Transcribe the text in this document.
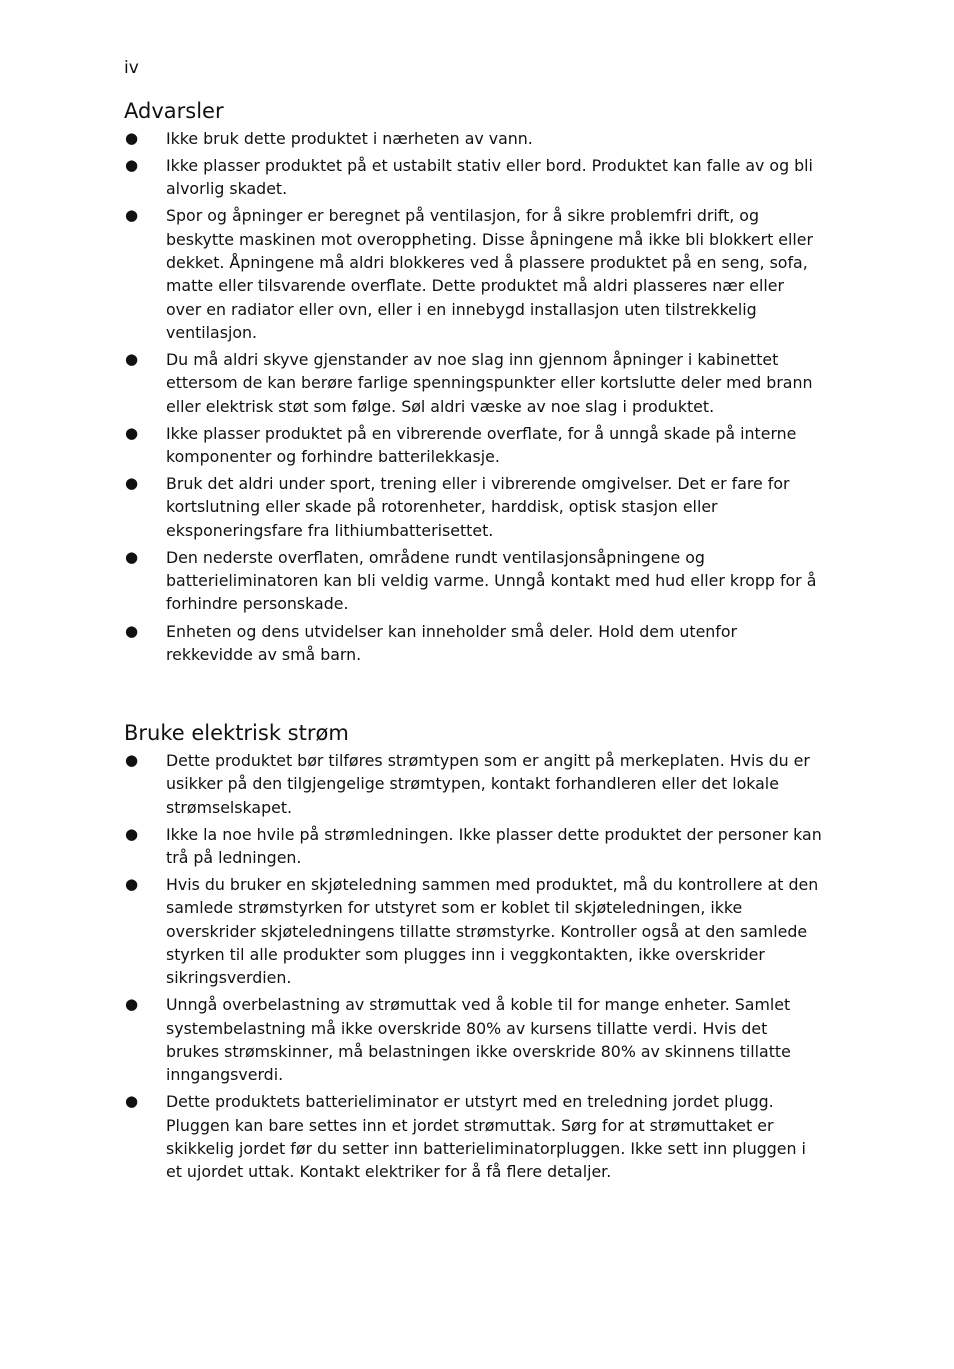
iv
Advarsler
● Ikke bruk dette produktet i nærheten av vann.
● Ikke plasser produktet på et ustabilt stativ eller bord. Produktet kan falle av og bli alvorlig skadet.
● Spor og åpninger er beregnet på ventilasjon, for å sikre problemfri drift, og beskytte maskinen mot overoppheting. Disse åpningene må ikke bli blokkert eller dekket. Åpningene må aldri blokkeres ved å plassere produktet på en seng, sofa, matte eller tilsvarende overflate. Dette produktet må aldri plasseres nær eller over en radiator eller ovn, eller i en innebygd installasjon uten tilstrekkelig ventilasjon.
● Du må aldri skyve gjenstander av noe slag inn gjennom åpninger i kabinettet ettersom de kan berøre farlige spenningspunkter eller kortslutte deler med brann eller elektrisk støt som følge. Søl aldri væske av noe slag i produktet.
● Ikke plasser produktet på en vibrerende overflate, for å unngå skade på interne komponenter og forhindre batterilekkasje.
● Bruk det aldri under sport, trening eller i vibrerende omgivelser. Det er fare for kortslutning eller skade på rotorenheter, harddisk, optisk stasjon eller eksponeringsfare fra lithiumbatterisettet.
● Den nederste overflaten, områdene rundt ventilasjonsåpningene og batterieliminatoren kan bli veldig varme. Unngå kontakt med hud eller kropp for å forhindre personskade.
● Enheten og dens utvidelser kan inneholder små deler. Hold dem utenfor rekkevidde av små barn.
Bruke elektrisk strøm
● Dette produktet bør tilføres strømtypen som er angitt på merkeplaten. Hvis du er usikker på den tilgjengelige strømtypen, kontakt forhandleren eller det lokale strømselskapet.
● Ikke la noe hvile på strømledningen. Ikke plasser dette produktet der personer kan trå på ledningen.
● Hvis du bruker en skjøteledning sammen med produktet, må du kontrollere at den samlede strømstyrken for utstyret som er koblet til skjøteledningen, ikke overskrider skjøteledningens tillatte strømstyrke. Kontroller også at den samlede styrken til alle produkter som plugges inn i veggkontakten, ikke overskrider sikringsverdien.
● Unngå overbelastning av strømuttak ved å koble til for mange enheter. Samlet systembelastning må ikke overskride 80% av kursens tillatte verdi. Hvis det brukes strømskinner, må belastningen ikke overskride 80% av skinnens tillatte inngangsverdi.
● Dette produktets batterieliminator er utstyrt med en treledning jordet plugg. Pluggen kan bare settes inn et jordet strømuttak. Sørg for at strømuttaket er skikkelig jordet før du setter inn batterieliminatorpluggen. Ikke sett inn pluggen i et ujordet uttak. Kontakt elektriker for å få flere detaljer.
